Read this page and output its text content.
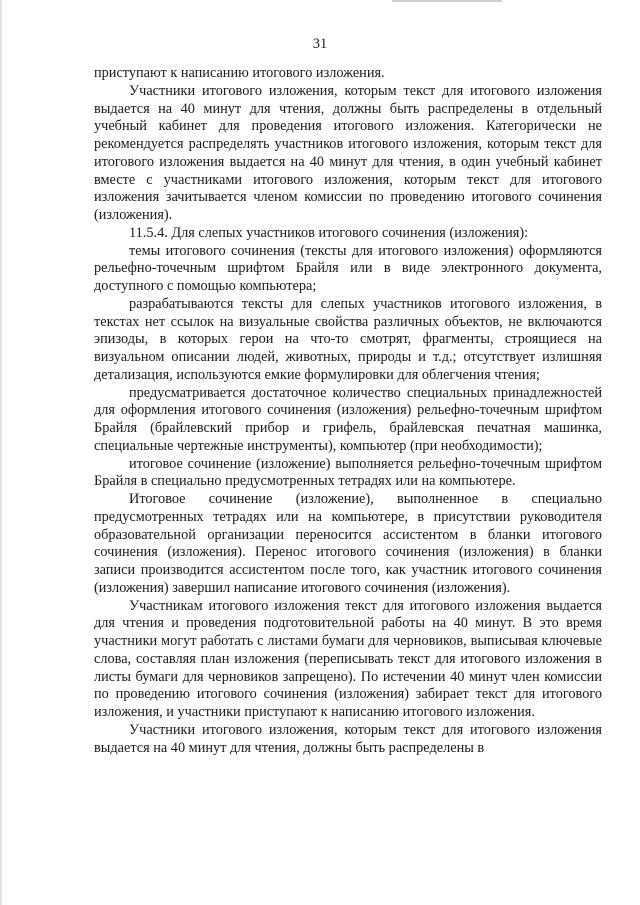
31

приступают к написанию итогового изложения.

Участники итогового изложения, которым текст для итогового изложения выдается на 40 минут для чтения, должны быть распределены в отдельный учебный кабинет для проведения итогового изложения. Категорически не рекомендуется распределять участников итогового изложения, которым текст для итогового изложения выдается на 40 минут для чтения, в один учебный кабинет вместе с участниками итогового изложения, которым текст для итогового изложения зачитывается членом комиссии по проведению итогового сочинения (изложения).

11.5.4. Для слепых участников итогового сочинения (изложения):

темы итогового сочинения (тексты для итогового изложения) оформляются рельефно-точечным шрифтом Брайля или в виде электронного документа, доступного с помощью компьютера;

разрабатываются тексты для слепых участников итогового изложения, в текстах нет ссылок на визуальные свойства различных объектов, не включаются эпизоды, в которых герои на что-то смотрят, фрагменты, строящиеся на визуальном описании людей, животных, природы и т.д.; отсутствует излишняя детализация, используются емкие формулировки для облегчения чтения;

предусматривается достаточное количество специальных принадлежностей для оформления итогового сочинения (изложения) рельефно-точечным шрифтом Брайля (брайлевский прибор и грифель, брайлевская печатная машинка, специальные чертежные инструменты), компьютер (при необходимости);

итоговое сочинение (изложение) выполняется рельефно-точечным шрифтом Брайля в специально предусмотренных тетрадях или на компьютере.

Итоговое сочинение (изложение), выполненное в специально предусмотренных тетрадях или на компьютере, в присутствии руководителя образовательной организации переносится ассистентом в бланки итогового сочинения (изложения). Перенос итогового сочинения (изложения) в бланки записи производится ассистентом после того, как участник итогового сочинения (изложения) завершил написание итогового сочинения (изложения).

Участникам итогового изложения текст для итогового изложения выдается для чтения и проведения подготовительной работы на 40 минут. В это время участники могут работать с листами бумаги для черновиков, выписывая ключевые слова, составляя план изложения (переписывать текст для итогового изложения в листы бумаги для черновиков запрещено). По истечении 40 минут член комиссии по проведению итогового сочинения (изложения) забирает текст для итогового изложения, и участники приступают к написанию итогового изложения.

Участники итогового изложения, которым текст для итогового изложения выдается на 40 минут для чтения, должны быть распределены в
